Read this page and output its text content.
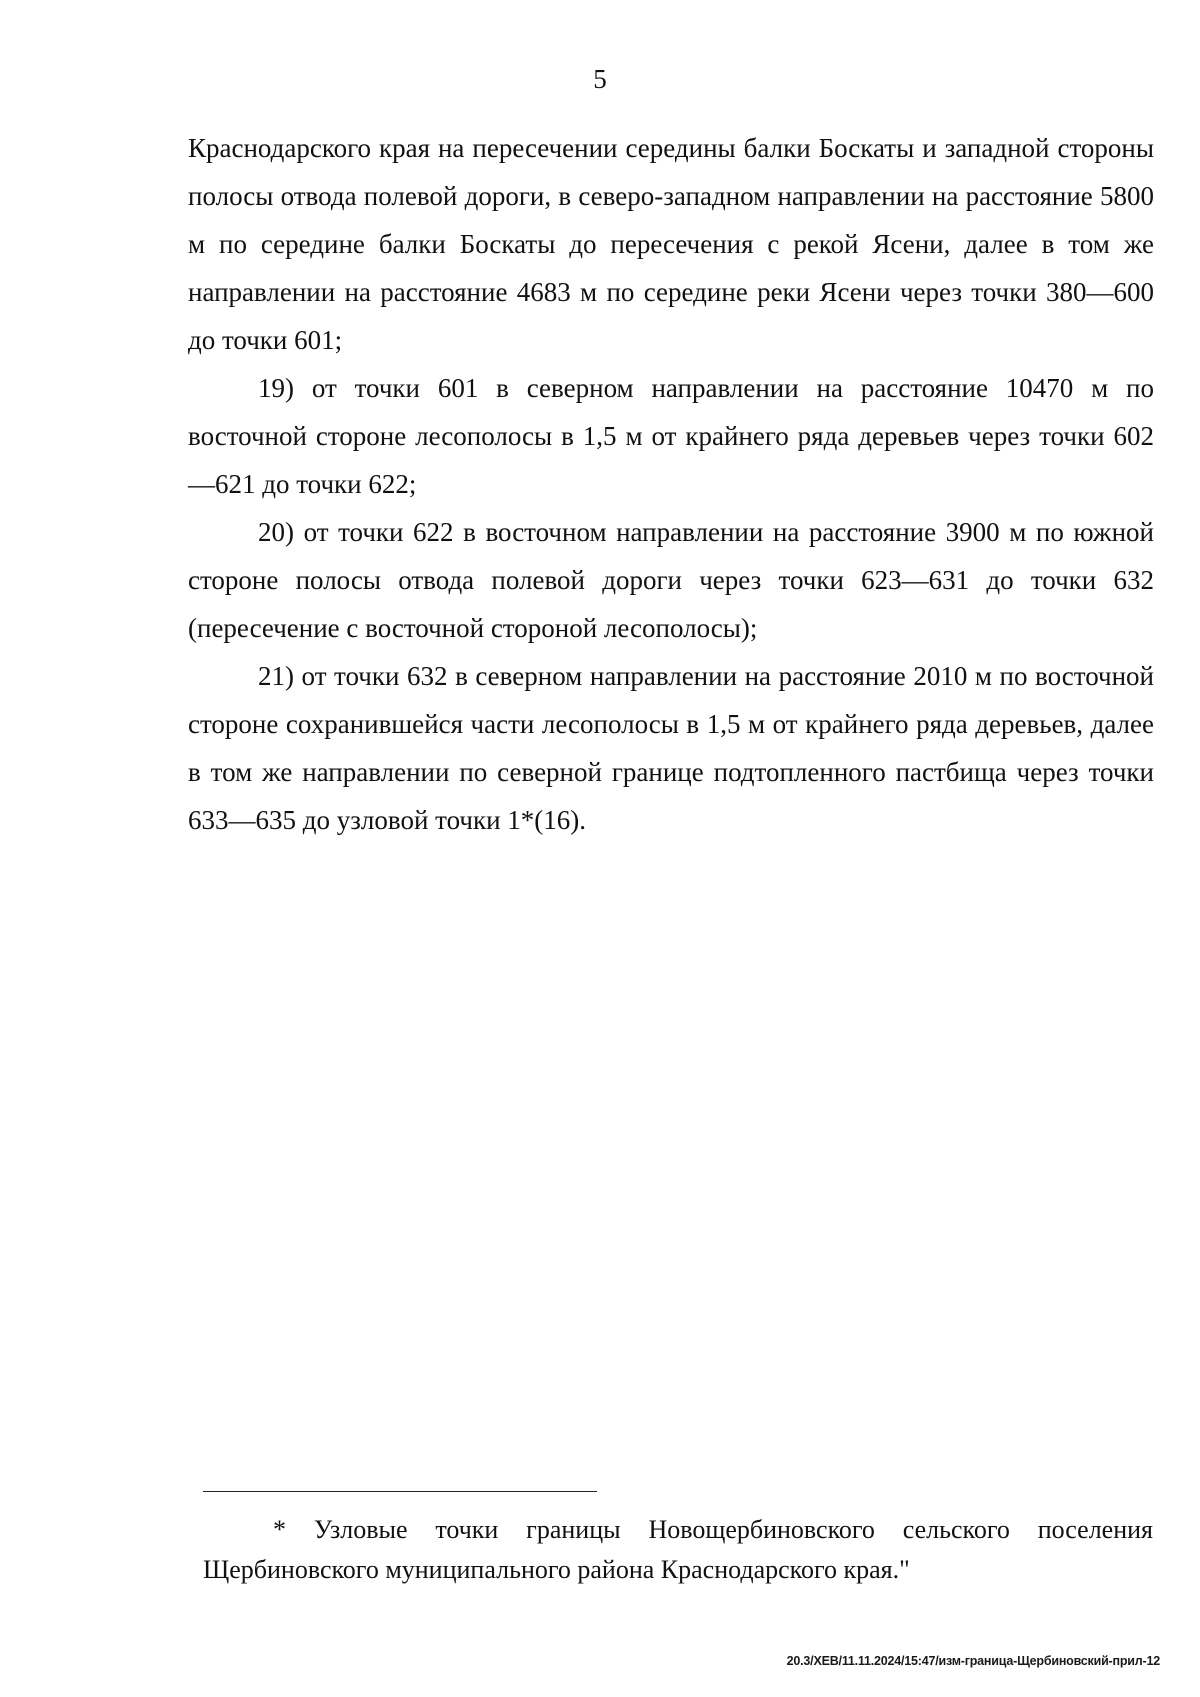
5

Краснодарского края на пересечении середины балки Боскаты и западной стороны полосы отвода полевой дороги, в северо-западном направлении на расстояние 5800 м по середине балки Боскаты до пересечения с рекой Ясени, далее в том же направлении на расстояние 4683 м по середине реки Ясени через точки 380—600 до точки 601;

19) от точки 601 в северном направлении на расстояние 10470 м по восточной стороне лесополосы в 1,5 м от крайнего ряда деревьев через точки 602—621 до точки 622;

20) от точки 622 в восточном направлении на расстояние 3900 м по южной стороне полосы отвода полевой дороги через точки 623—631 до точки 632 (пересечение с восточной стороной лесополосы);

21) от точки 632 в северном направлении на расстояние 2010 м по восточной стороне сохранившейся части лесополосы в 1,5 м от крайнего ряда деревьев, далее в том же направлении по северной границе подтопленного пастбища через точки 633—635 до узловой точки 1*(16).

* Узловые точки границы Новощербиновского сельского поселения Щербиновского муниципального района Краснодарского края."

20.3/ХЕВ/11.11.2024/15:47/изм-граница-Щербиновский-прил-12
